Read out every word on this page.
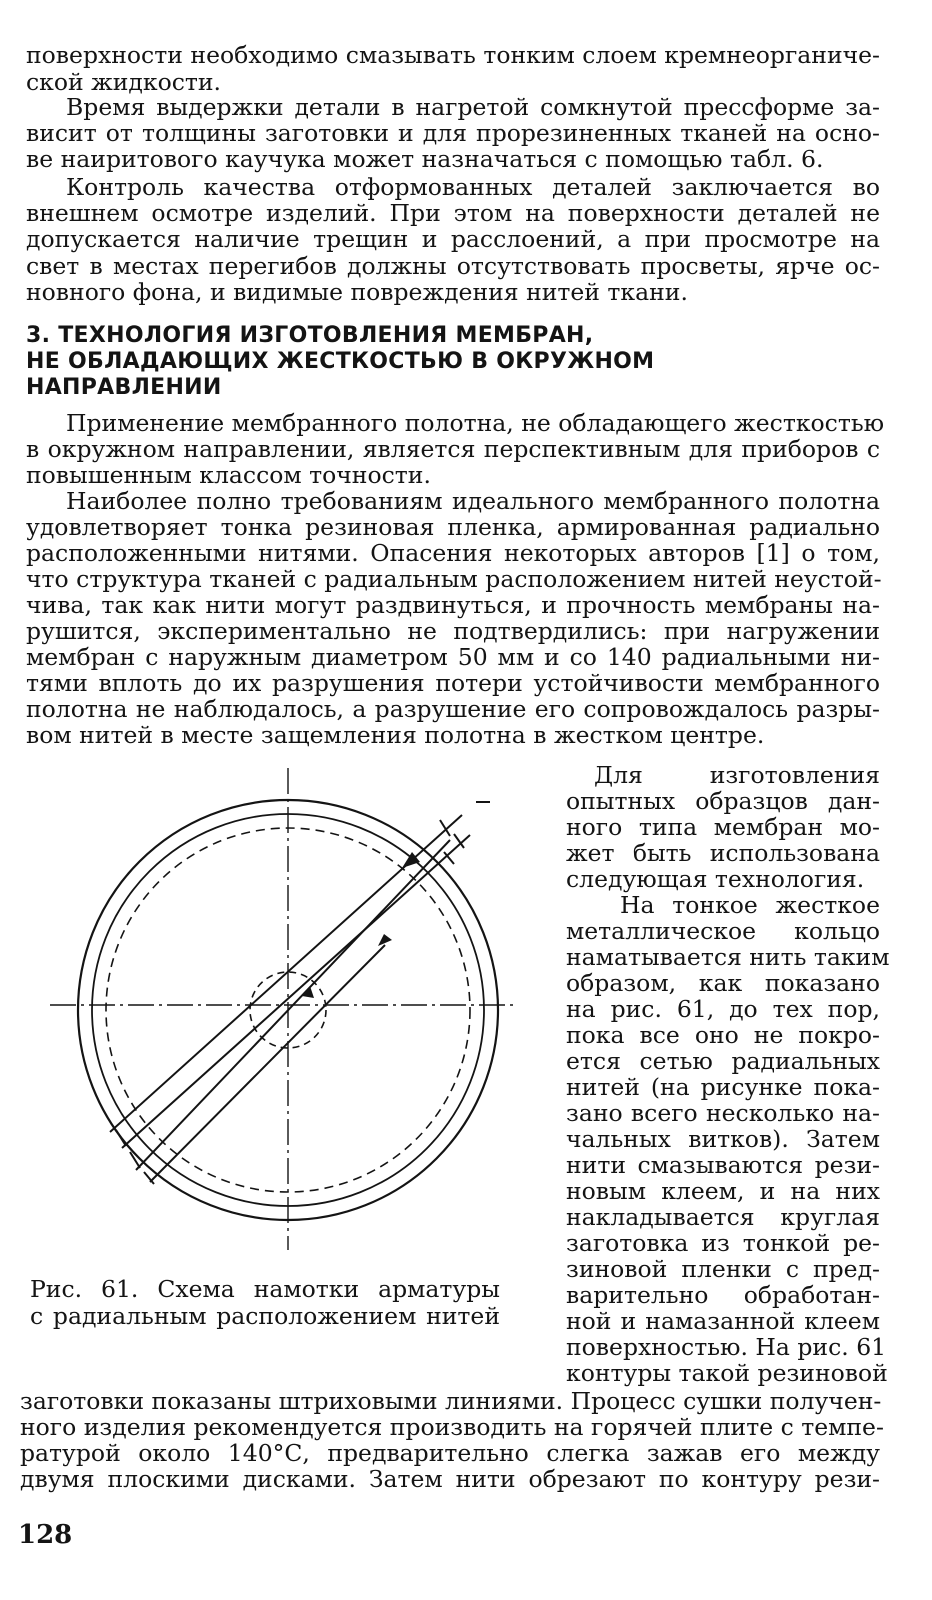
поверхности необходимо смазывать тонким слоем кремнеорганиче-
ской жидкости.
Время выдержки детали в нагретой сомкнутой прессформе за-
висит от толщины заготовки и для прорезиненных тканей на осно-
ве наиритового каучука может назначаться с помощью табл. 6.
Контроль качества отформованных деталей заключается во
внешнем осмотре изделий. При этом на поверхности деталей не
допускается наличие трещин и расслоений, а при просмотре на
свет в местах перегибов должны отсутствовать просветы, ярче ос-
новного фона, и видимые повреждения нитей ткани.
3. ТЕХНОЛОГИЯ ИЗГОТОВЛЕНИЯ МЕМБРАН,
НЕ ОБЛАДАЮЩИХ ЖЕСТКОСТЬЮ В ОКРУЖНОМ
НАПРАВЛЕНИИ
Применение мембранного полотна, не обладающего жесткостью
в окружном направлении, является перспективным для приборов с
повышенным классом точности.
Наиболее полно требованиям идеального мембранного полотна
удовлетворяет тонка резиновая пленка, армированная радиально
расположенными нитями. Опасения некоторых авторов [1] о том,
что структура тканей с радиальным расположением нитей неустой-
чива, так как нити могут раздвинуться, и прочность мембраны на-
рушится, экспериментально не подтвердились: при нагружении
мембран с наружным диаметром 50 мм и со 140 радиальными ни-
тями вплоть до их разрушения потери устойчивости мембранного
полотна не наблюдалось, а разрушение его сопровождалось разры-
вом нитей в месте защемления полотна в жестком центре.
Рис. 61. Схема намотки арматуры
с радиальным расположением нитей
Для изготовления
опытных образцов дан-
ного типа мембран мо-
жет быть использована
следующая технология.
На тонкое жесткое
металлическое кольцо
наматывается нить таким
образом, как показано
на рис. 61, до тех пор,
пока все оно не покро-
ется сетью радиальных
нитей (на рисунке пока-
зано всего несколько на-
чальных витков). Затем
нити смазываются рези-
новым клеем, и на них
накладывается круглая
заготовка из тонкой ре-
зиновой пленки с пред-
варительно обработан-
ной и намазанной клеем
поверхностью. На рис. 61
контуры такой резиновой
заготовки показаны штриховыми линиями. Процесс сушки получен-
ного изделия рекомендуется производить на горячей плите с темпе-
ратурой около 140°С, предварительно слегка зажав его между
двумя плоскими дисками. Затем нити обрезают по контуру рези-
128
